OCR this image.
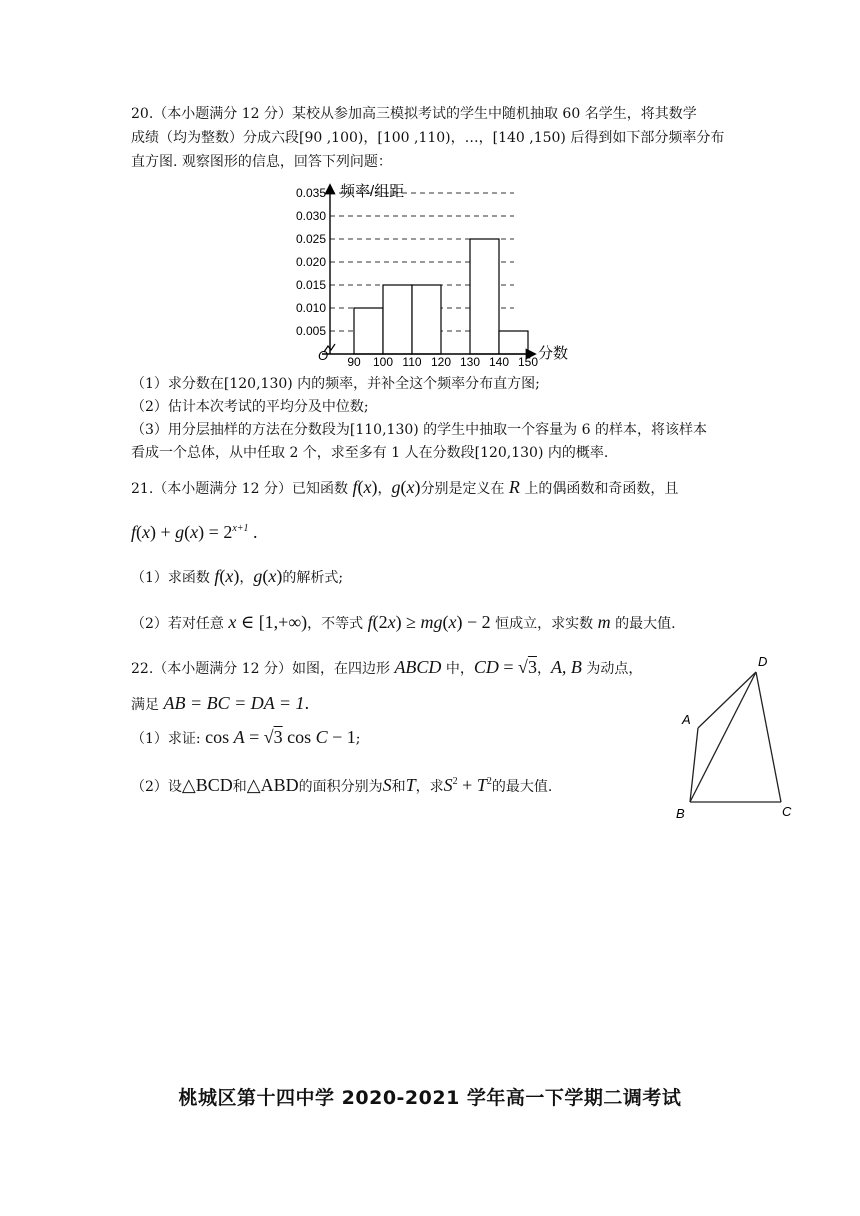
20.（本小题满分 12 分）某校从参加高三模拟考试的学生中随机抽取 60 名学生，将其数学
成绩（均为整数）分成六段[90 ,100)，[100 ,110)，…，[140 ,150) 后得到如下部分频率分布
直方图. 观察图形的信息，回答下列问题：
0.005
0.010
0.015
0.020
0.025
0.030
0.035
90 100 110 120 130 140 150
频率/组距
分数
O
（1）求分数在[120,130) 内的频率，并补全这个频率分布直方图;
（2）估计本次考试的平均分及中位数;
（3）用分层抽样的方法在分数段为[110,130) 的学生中抽取一个容量为 6 的样本，将该样本
看成一个总体，从中任取 2 个，求至多有 1 人在分数段[120,130) 内的概率.
21.（本小题满分 12 分）已知函数 f(x)，g(x)分别是定义在 R 上的偶函数和奇函数，且
$f(x) + g(x) = 2^{x+1}$ .
（1）求函数 f(x)，g(x)的解析式;
（2）若对任意 x ∈ [1,+∞)，不等式 f(2x) ≥ mg(x) − 2 恒成立，求实数 m 的最大值.
22.（本小题满分 12 分）如图，在四边形 ABCD 中，CD = √3，A, B 为动点，
满足 AB = BC = DA = 1.
（1）求证: cos A = √3 cos C − 1;
（2）设△BCD和△ABD的面积分别为S和T，求$S^2 + T^2$的最大值.
A
B	C
D
桃城区第十四中学 2020-2021 学年高一下学期二调考试
